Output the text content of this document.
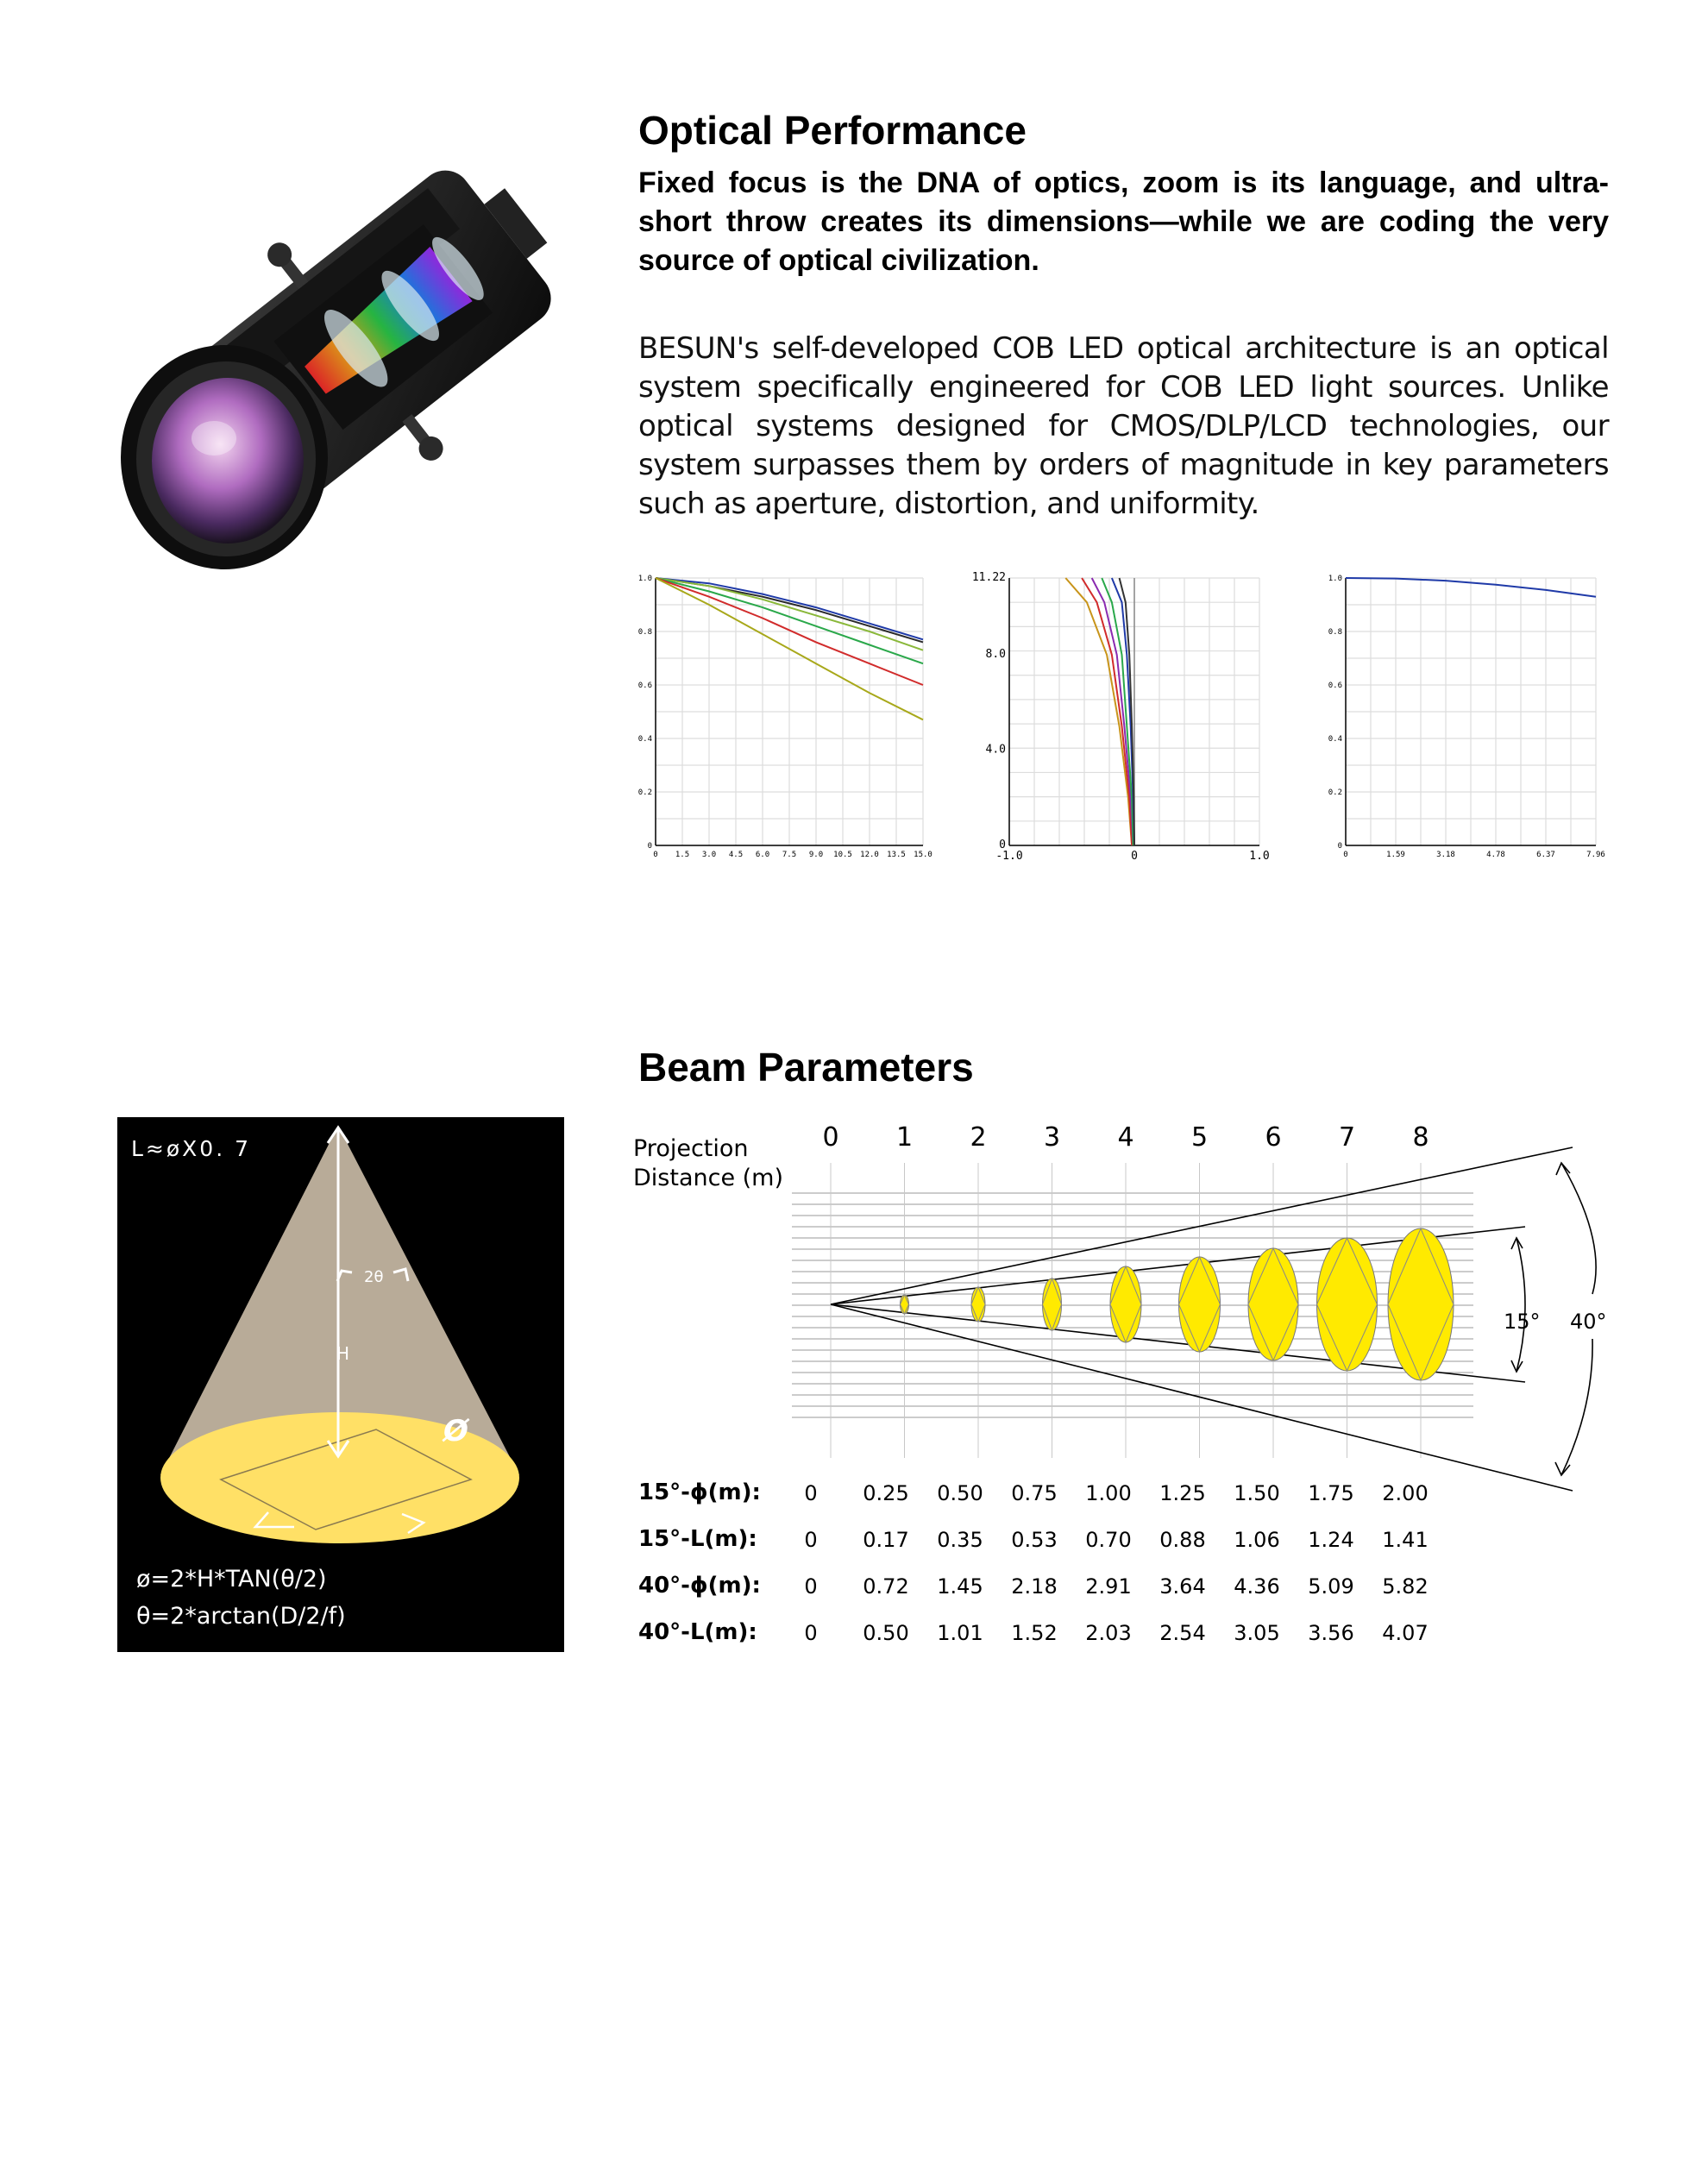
Optical Performance

Fixed focus is the DNA of optics, zoom is its language, and ultra-short throw creates its dimensions—while we are coding the very source of optical civilization.

BESUN's self-developed COB LED optical architecture is an optical system specifically engineered for COB LED light sources. Unlike optical systems designed for CMOS/DLP/LCD technologies, our system surpasses them by orders of magnitude in key parameters such as aperture, distortion, and uniformity.

0 1.5 3.0 4.5 6.0 7.5 9.0 10.5 12.0 13.5 15.0
0
0.2
0.4
0.6
0.8
1.0
-1.0	0	1.0
0
4.0
8.0
11.22
0	1.59	3.18	4.78	6.37	7.96
0
0.2
0.4
0.6
0.8
1.0
Beam Parameters
L≈øX0. 7
2θ
H
Ø
ø=2*H*TAN(θ/2)
θ=2*arctan(D/2/f)
Projection
Distance (m)
0 1 2 3 4 5 6 7 8
15° 40°
15°-ϕ(m):	0	0.25	0.50	0.75	1.00	1.25	1.50	1.75	2.00
15°-L(m):	0	0.17	0.35	0.53	0.70	0.88	1.06	1.24	1.41
40°-ϕ(m):	0	0.72	1.45	2.18	2.91	3.64	4.36	5.09	5.82
40°-L(m):	0	0.50	1.01	1.52	2.03	2.54	3.05	3.56	4.07
